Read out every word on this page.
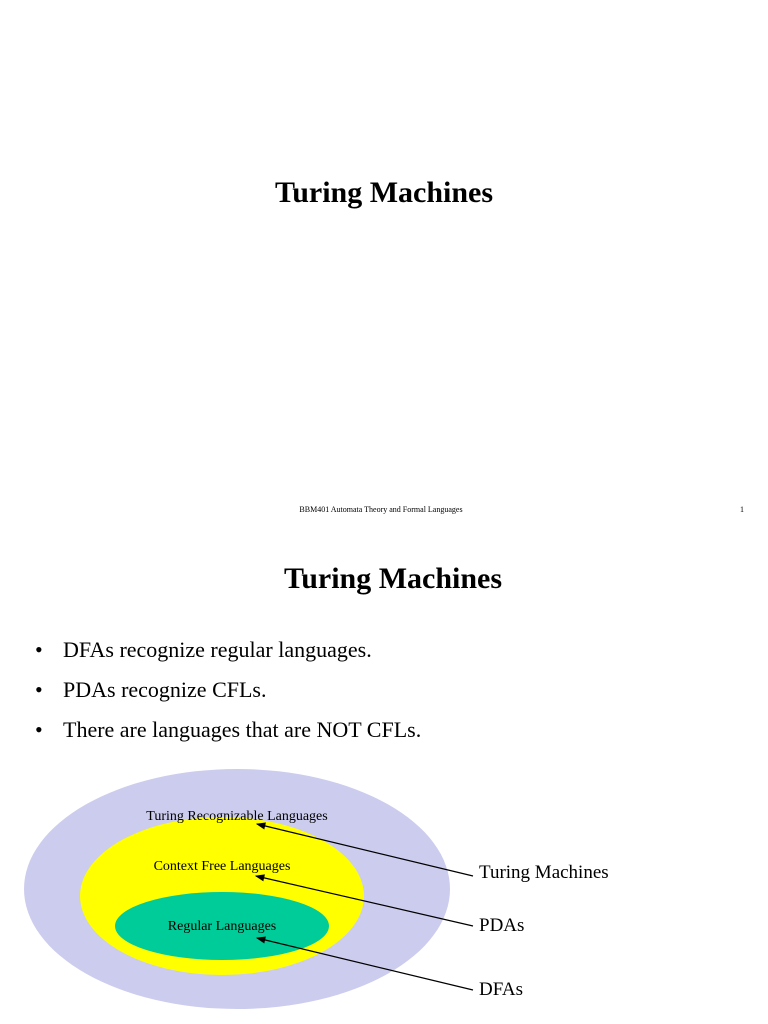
Turing Machines
BBM401 Automata Theory and Formal Languages	1
Turing Machines
• DFAs recognize regular languages.
• PDAs recognize CFLs.
• There are languages that are NOT CFLs.
Turing Recognizable Languages
Context Free Languages
Regular Languages
Turing Machines
PDAs
DFAs
